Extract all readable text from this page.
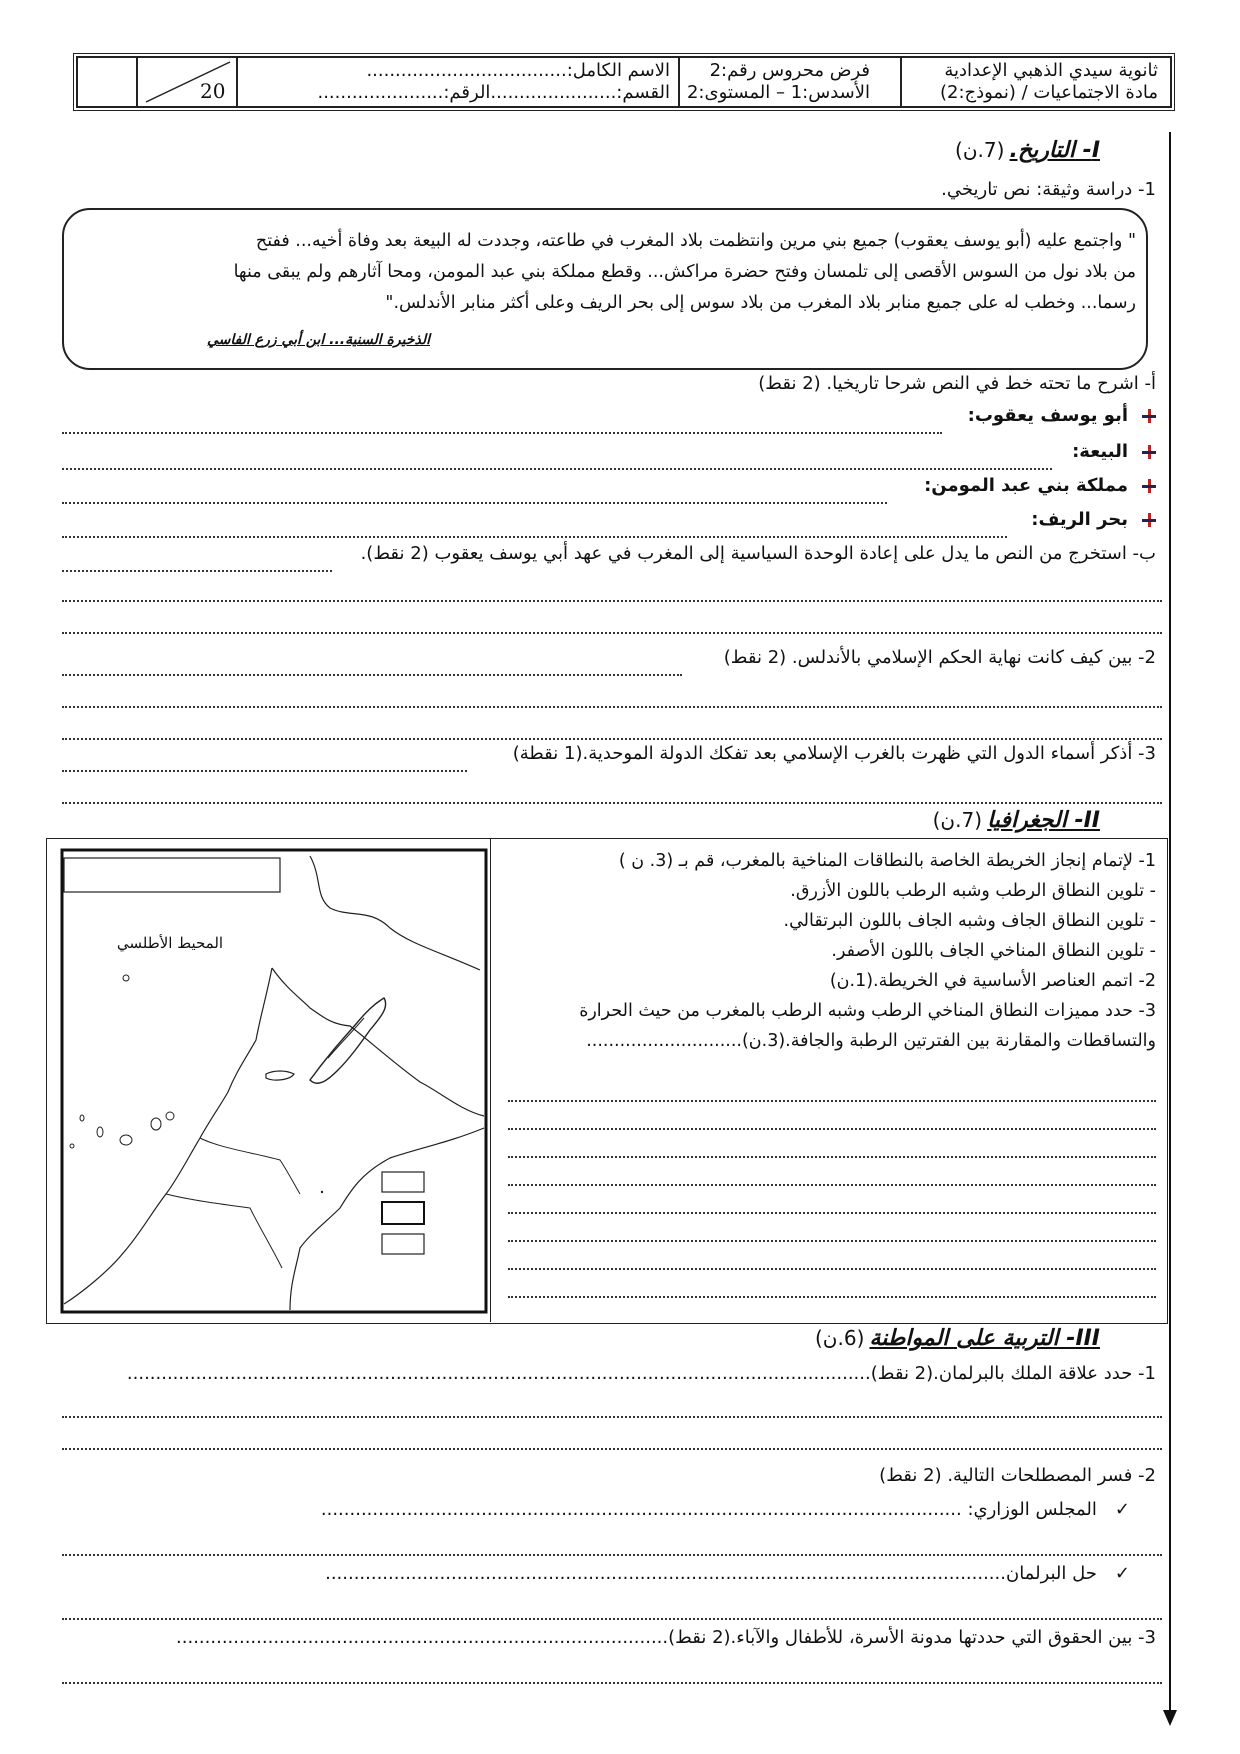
ثانوية سيدي الذهبي الإعدادية
مادة الاجتماعيات / (نموذج:2)
فرض محروس رقم:2
الأسدس:1 – المستوى:2
الاسم الكامل:...................................
القسم:......................الرقم:......................
20
I- التاريخ. (7.ن)
1- دراسة وثيقة: نص تاريخي.
" واجتمع عليه (أبو يوسف يعقوب) جميع بني مرين وانتظمت بلاد المغرب في طاعته، وجددت له البيعة بعد وفاة أخيه... ففتح
من بلاد نول من السوس الأقصى إلى تلمسان وفتح حضرة مراكش... وقطع مملكة بني عبد المومن، ومحا آثارهم ولم يبقى منها
رسما... وخطب له على جميع منابر بلاد المغرب من بلاد سوس إلى بحر الريف وعلى أكثر منابر الأندلس."
الذخيرة السنية... ابن أبي زرع الفاسي
أ- اشرح ما تحته خط في النص شرحا تاريخيا. (2 نقط)
أبو يوسف يعقوب:
البيعة:
مملكة بني عبد المومن:
بحر الريف:
ب- استخرج من النص ما يدل على إعادة الوحدة السياسية إلى المغرب في عهد أبي يوسف يعقوب (2 نقط).
2- بين كيف كانت نهاية الحكم الإسلامي بالأندلس. (2 نقط)
3- أذكر أسماء الدول التي ظهرت بالغرب الإسلامي بعد تفكك الدولة الموحدية.(1 نقطة)
II- الجغرافيا (7.ن)
المحيط الأطلسي
1- لإتمام إنجاز الخريطة الخاصة بالنطاقات المناخية بالمغرب، قم بـ (3. ن )
- تلوين النطاق الرطب وشبه الرطب باللون الأزرق.
- تلوين النطاق الجاف وشبه الجاف باللون البرتقالي.
- تلوين النطاق المناخي الجاف باللون الأصفر.
2- اتمم العناصر الأساسية في الخريطة.(1.ن)
3- حدد مميزات النطاق المناخي الرطب وشبه الرطب بالمغرب من حيث الحرارة
والتساقطات والمقارنة بين الفترتين الرطبة والجافة.(3.ن)............................
III- التربية على المواطنة (6.ن)
1- حدد علاقة الملك بالبرلمان.(2 نقط)..................................................................................................................................
2- فسر المصطلحات التالية. (2 نقط)
✓المجلس الوزاري: ................................................................................................................
✓حل البرلمان.......................................................................................................................
3- بين الحقوق التي حددتها مدونة الأسرة، للأطفال والآباء.(2 نقط)......................................................................................
